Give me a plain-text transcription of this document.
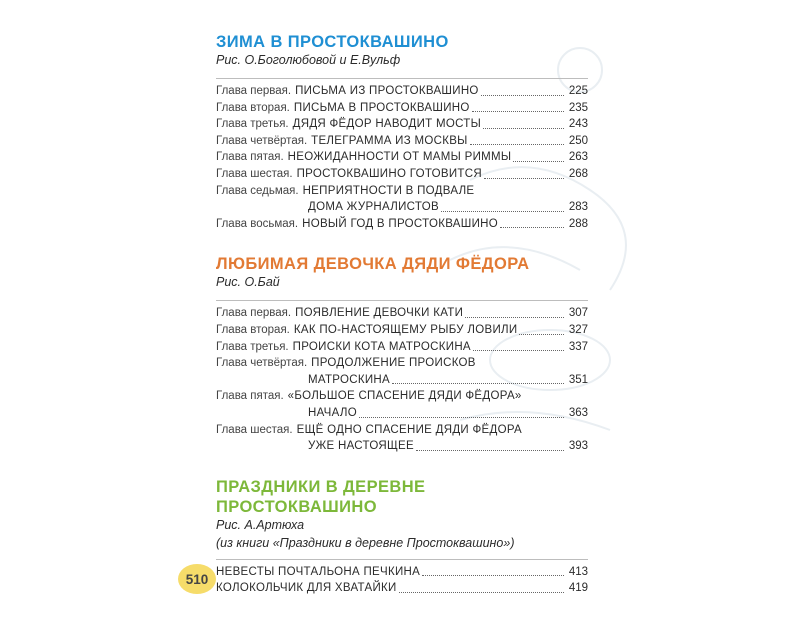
ЗИМА В ПРОСТОКВАШИНО

Рис. О.Боголюбовой и Е.Вульф

Глава первая. ПИСЬМА ИЗ ПРОСТОКВАШИНО	225
Глава вторая. ПИСЬМА В ПРОСТОКВАШИНО	235
Глава третья. ДЯДЯ ФЁДОР НАВОДИТ МОСТЫ	243
Глава четвёртая. ТЕЛЕГРАММА ИЗ МОСКВЫ	250
Глава пятая. НЕОЖИДАННОСТИ ОТ МАМЫ РИММЫ	263
Глава шестая. ПРОСТОКВАШИНО ГОТОВИТСЯ	268
Глава седьмая. НЕПРИЯТНОСТИ В ПОДВАЛЕ
ДОМА ЖУРНАЛИСТОВ	283
Глава восьмая. НОВЫЙ ГОД В ПРОСТОКВАШИНО	288
ЛЮБИМАЯ ДЕВОЧКА ДЯДИ ФЁДОРА

Рис. О.Бай

Глава первая. ПОЯВЛЕНИЕ ДЕВОЧКИ КАТИ	307
Глава вторая. КАК ПО-НАСТОЯЩЕМУ РЫБУ ЛОВИЛИ	327
Глава третья. ПРОИСКИ КОТА МАТРОСКИНА	337
Глава четвёртая. ПРОДОЛЖЕНИЕ ПРОИСКОВ
МАТРОСКИНА	351
Глава пятая. «БОЛЬШОЕ СПАСЕНИЕ ДЯДИ ФЁДОРА»
НАЧАЛО	363
Глава шестая. ЕЩЁ ОДНО СПАСЕНИЕ ДЯДИ ФЁДОРА
УЖЕ НАСТОЯЩЕЕ	393
ПРАЗДНИКИ В ДЕРЕВНЕ ПРОСТОКВАШИНО

Рис. А.Артюха

(из книги «Праздники в деревне Простоквашино»)

НЕВЕСТЫ ПОЧТАЛЬОНА ПЕЧКИНА	413
КОЛОКОЛЬЧИК ДЛЯ ХВАТАЙКИ	419
510
